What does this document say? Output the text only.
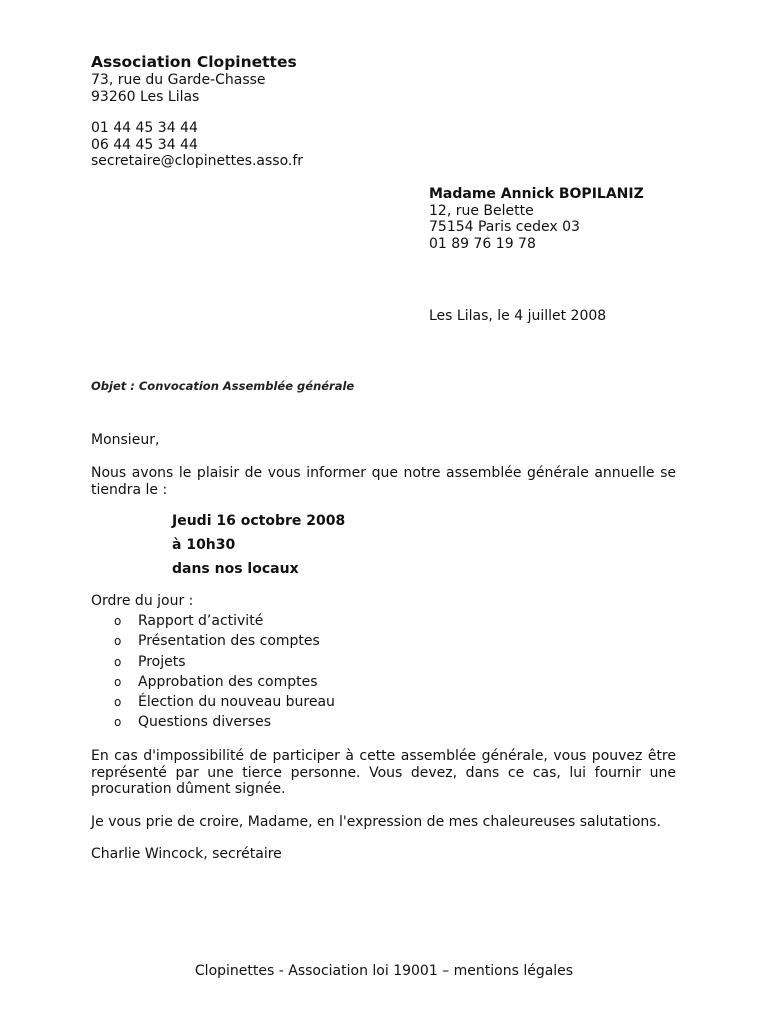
Association Clopinettes
73, rue du Garde-Chasse
93260 Les Lilas
01 44 45 34 44
06 44 45 34 44
secretaire@clopinettes.asso.fr
Madame Annick BOPILANIZ
12, rue Belette
75154 Paris cedex 03
01 89 76 19 78
Les Lilas, le 4 juillet 2008
Objet : Convocation Assemblée générale
Monsieur,
Nous avons le plaisir de vous informer que notre assemblée générale annuelle se tiendra le :
Jeudi 16 octobre 2008
à 10h30
dans nos locaux
Ordre du jour :
o Rapport d’activité
o Présentation des comptes
o Projets
o Approbation des comptes
o Élection du nouveau bureau
o Questions diverses
En cas d'impossibilité de participer à cette assemblée générale, vous pouvez être représenté par une tierce personne. Vous devez, dans ce cas, lui fournir une procuration dûment signée.
Je vous prie de croire, Madame, en l'expression de mes chaleureuses salutations.
Charlie Wincock, secrétaire
Clopinettes - Association loi 19001 – mentions légales
